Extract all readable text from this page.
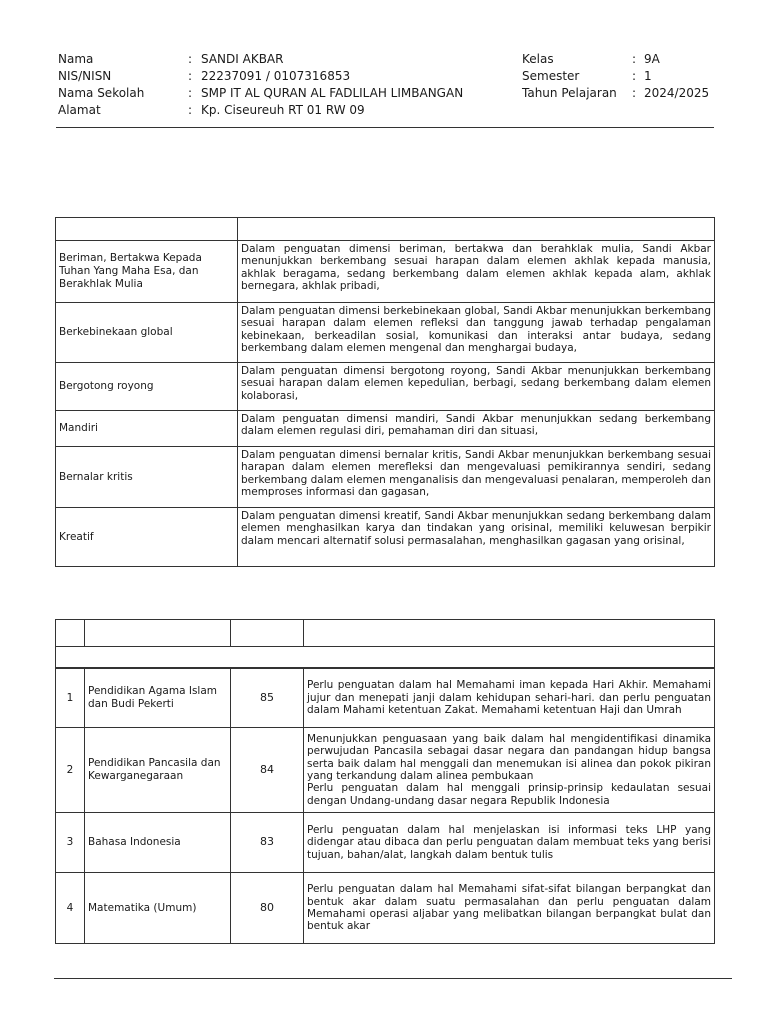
Nama	: SANDI AKBAR
NIS/NISN	: 22237091 / 0107316853
Nama Sekolah	: SMP IT AL QURAN AL FADLILAH LIMBANGAN
Alamat	: Kp. Ciseureuh RT 01 RW 09
Kelas	: 9A
Semester	: 1
Tahun Pelajaran	: 2024/2025

Beriman, Bertakwa Kepada Tuhan Yang Maha Esa, dan Berakhlak Mulia	Dalam penguatan dimensi beriman, bertakwa dan berahklak mulia, Sandi Akbar menunjukkan berkembang sesuai harapan dalam elemen akhlak kepada manusia, akhlak beragama, sedang berkembang dalam elemen akhlak kepada alam, akhlak bernegara, akhlak pribadi,
Berkebinekaan global	Dalam penguatan dimensi berkebinekaan global, Sandi Akbar menunjukkan berkembang sesuai harapan dalam elemen refleksi dan tanggung jawab terhadap pengalaman kebinekaan, berkeadilan sosial, komunikasi dan interaksi antar budaya, sedang berkembang dalam elemen mengenal dan menghargai budaya,
Bergotong royong	Dalam penguatan dimensi bergotong royong, Sandi Akbar menunjukkan berkembang sesuai harapan dalam elemen kepedulian, berbagi, sedang berkembang dalam elemen kolaborasi,
Mandiri	Dalam penguatan dimensi mandiri, Sandi Akbar menunjukkan sedang berkembang dalam elemen regulasi diri, pemahaman diri dan situasi,
Bernalar kritis	Dalam penguatan dimensi bernalar kritis, Sandi Akbar menunjukkan berkembang sesuai harapan dalam elemen merefleksi dan mengevaluasi pemikirannya sendiri, sedang berkembang dalam elemen menganalisis dan mengevaluasi penalaran, memperoleh dan memproses informasi dan gagasan,
Kreatif	Dalam penguatan dimensi kreatif, Sandi Akbar menunjukkan sedang berkembang dalam elemen menghasilkan karya dan tindakan yang orisinal, memiliki keluwesan berpikir dalam mencari alternatif solusi permasalahan, menghasilkan gagasan yang orisinal,

1	Pendidikan Agama Islam dan Budi Pekerti	85	Perlu penguatan dalam hal Memahami iman kepada Hari Akhir. Memahami jujur dan menepati janji dalam kehidupan sehari-hari. dan perlu penguatan dalam Mahami ketentuan Zakat. Memahami ketentuan Haji dan Umrah
2	Pendidikan Pancasila dan Kewarganegaraan	84	Menunjukkan penguasaan yang baik dalam hal mengidentifikasi dinamika perwujudan Pancasila sebagai dasar negara dan pandangan hidup bangsa serta baik dalam hal menggali dan menemukan isi alinea dan pokok pikiran yang terkandung dalam alinea pembukaan
Perlu penguatan dalam hal menggali prinsip-prinsip kedaulatan sesuai dengan Undang-undang dasar negara Republik Indonesia

3	Bahasa Indonesia	83	Perlu penguatan dalam hal menjelaskan isi informasi teks LHP yang didengar atau dibaca dan perlu penguatan dalam membuat teks yang berisi tujuan, bahan/alat, langkah dalam bentuk tulis
4	Matematika (Umum)	80	Perlu penguatan dalam hal Memahami sifat-sifat bilangan berpangkat dan bentuk akar dalam suatu permasalahan dan perlu penguatan dalam Memahami operasi aljabar yang melibatkan bilangan berpangkat bulat dan bentuk akar
